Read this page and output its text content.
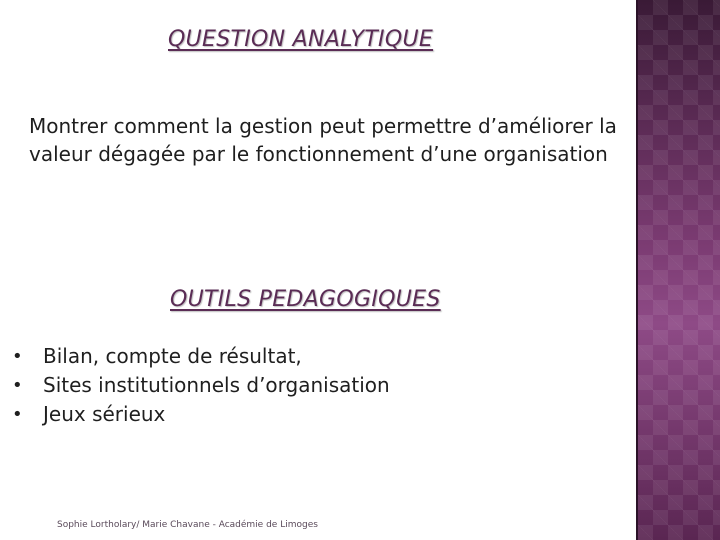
QUESTION ANALYTIQUE
Montrer comment la gestion peut permettre d’améliorer la valeur dégagée par le fonctionnement d’une organisation
OUTILS PEDAGOGIQUES
• Bilan, compte de résultat,
• Sites institutionnels d’organisation
• Jeux sérieux
Sophie Lortholary/ Marie Chavane - Académie de Limoges
